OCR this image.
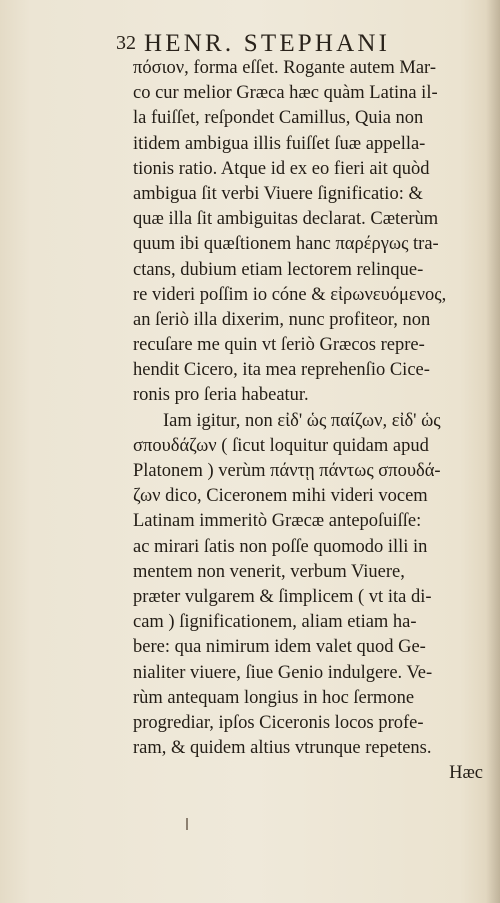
32 HENR. STEPHANI
πόσιον, forma eſſet. Rogante autem Mar-
co cur melior Græca hæc quàm Latina il-
la fuiſſet, reſpondet Camillus, Quia non
itidem ambigua illis fuiſſet ſuæ appella-
tionis ratio. Atque id ex eo fieri ait quòd
ambigua ſit verbi Viuere ſignificatio: &
quæ illa ſit ambiguitas declarat. Cæterùm
quum ibi quæſtionem hanc παρέργως tra-
ctans, dubium etiam lectorem relinque-
re videri poſſim io cóne & εἰρωνευόμενος,
an ſeriò illa dixerim, nunc profiteor, non
recuſare me quin vt ſeriò Græcos repre-
hendit Cicero, ita mea reprehenſio Cice-
ronis pro ſeria habeatur.
Iam igitur, non εἰδ' ὡς παίζων, εἰδ' ὡς
σπουδάζων ( ſicut loquitur quidam apud
Platonem ) verùm πάντῃ πάντως σπουδά-
ζων dico, Ciceronem mihi videri vocem
Latinam immeritò Græcæ antepoſuiſſe:
ac mirari ſatis non poſſe quomodo illi in
mentem non venerit, verbum Viuere,
præter vulgarem & ſimplicem ( vt ita di-
cam ) ſignificationem, aliam etiam ha-
bere: qua nimirum idem valet quod Ge-
nialiter viuere, ſiue Genio indulgere. Ve-
rùm antequam longius in hoc ſermone
progrediar, ipſos Ciceronis locos profe-
ram, & quidem altius vtrunque repetens.
Hæc
